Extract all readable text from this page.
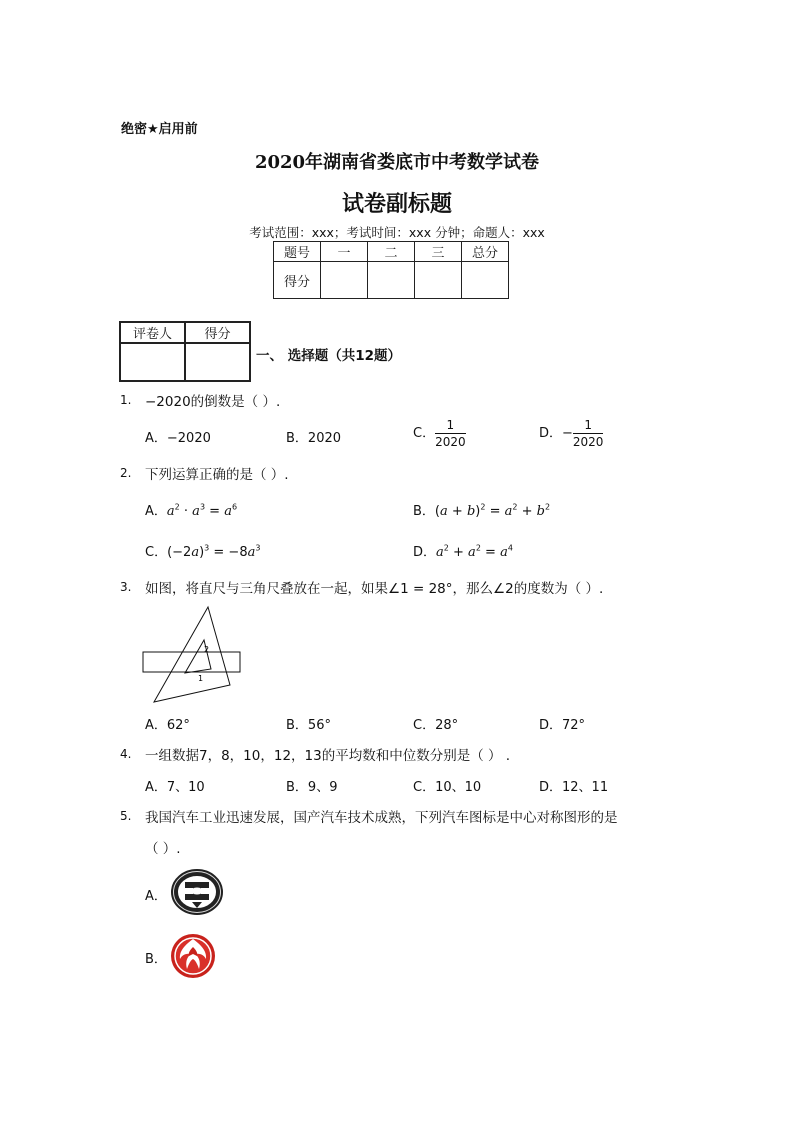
绝密★启用前
2020年湖南省娄底市中考数学试卷
试卷副标题
考试范围：xxx；考试时间：xxx 分钟；命题人：xxx
题号	一	二	三	总分
得分				
评卷人	得分

一、 选择题（共12题）
1. −2020的倒数是（ ）.
A．−2020	B．2020	C． $\frac{1}{2020}$	D．− $\frac{1}{2020}$
2. 下列运算正确的是（ ）.
A．$a^2 \cdot a^3 = a^6$	B．$(a + b)^2 = a^2 + b^2$
C．$(-2a)^3 = -8a^3$	D．$a^2 + a^2 = a^4$
3. 如图，将直尺与三角尺叠放在一起，如果∠1 = 28°，那么∠2的度数为（ ）.
2
1
A．62°	B．56°	C．28°	D．72°
4. 一组数据7，8，10，12，13的平均数和中位数分别是（ ） .
A．7、10	B．9、9	C．10、10	D．12、11
5. 我国汽车工业迅速发展，国产汽车技术成熟，下列汽车图标是中心对称图形的是
（ ）.
A．
B．
